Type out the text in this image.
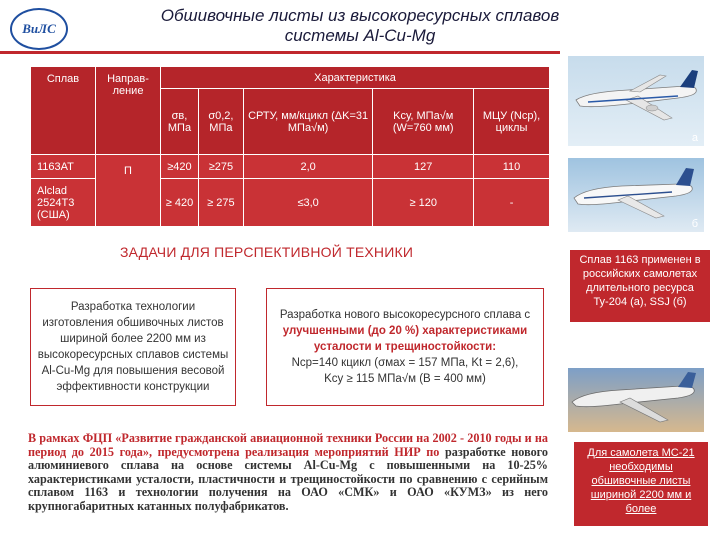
ВиЛС
Обшивочные листы из высокоресурсных сплавов
системы Al-Cu-Mg
Сплав	Направ-ление	Характеристика				
		σв, МПа	σ0,2, МПа	СРТУ, мм/кцикл (ΔK=31 МПа√м)	Kсу, МПа√м (W=760 мм)	МЦУ (Nср), циклы
1163АТ	П	≥420	≥275	2,0	127	110
Alclad 2524T3 (США)		≥ 420	≥ 275	≤3,0	≥ 120	-
ЗАДАЧИ ДЛЯ ПЕРСПЕКТИВНОЙ ТЕХНИКИ
Разработка технологии изготовления обшивочных листов шириной более 2200 мм из высокоресурсных сплавов системы Al-Cu-Mg для повышения весовой эффективности конструкции
Разработка нового высокоресурсного сплава с
улучшенными (до 20 %) характеристиками
усталости и трещиностойкости:
Nср=140 кцикл (σмах = 157 МПа, Kt = 2,6),
Kсу ≥ 115 МПа√м (В = 400 мм)
В рамках ФЦП «Развитие гражданской авиационной техники России на 2002 - 2010 годы и на период до 2015 года», предусмотрена реализация мероприятий НИР по разработке нового алюминиевого сплава на основе системы Al-Cu-Mg с повышенными на 10-25% характеристиками усталости, пластичности и трещиностойкости по сравнению с серийным сплавом 1163 и технологии получения на ОАО «СМК» и ОАО «КУМЗ» из него крупногабаритных катанных полуфабрикатов.
а
б
Сплав 1163 применен в российских самолетах длительного ресурса Ту-204 (а), SSJ (б)
Для самолета МС-21 необходимы обшивочные листы шириной 2200 мм и более
